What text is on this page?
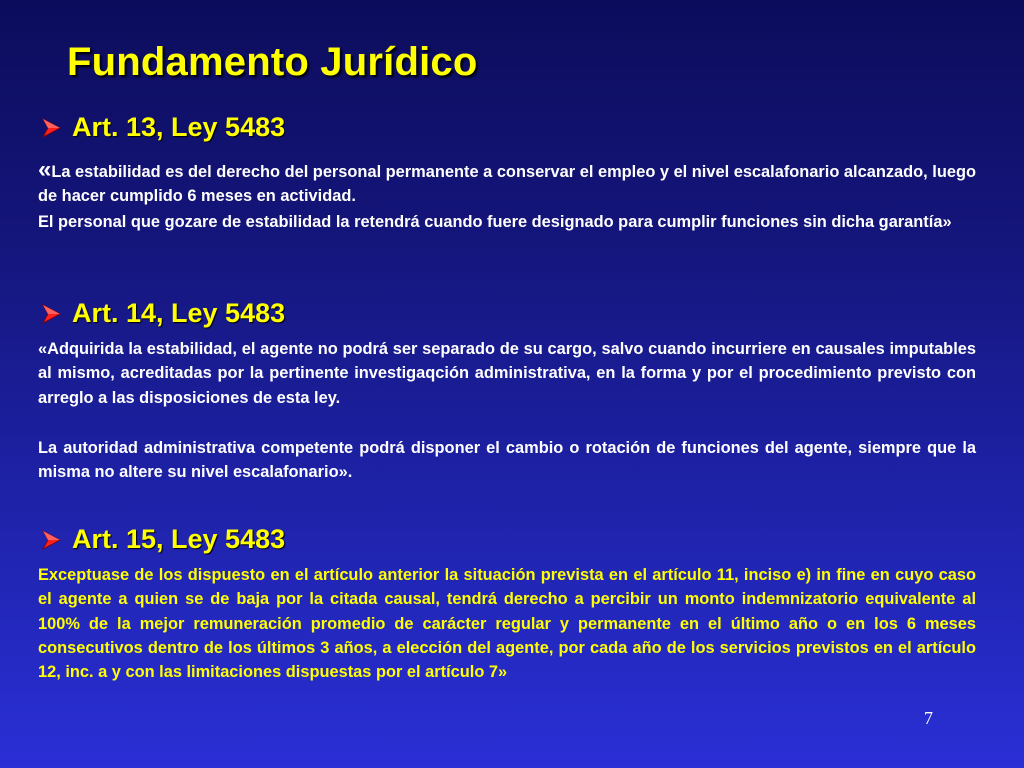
Fundamento Jurídico
Art. 13, Ley 5483

«La estabilidad es del derecho del personal permanente a conservar el empleo y el nivel escalafonario alcanzado, luego de hacer cumplido 6 meses en actividad.

El personal que gozare de estabilidad la retendrá cuando fuere designado para cumplir funciones sin dicha garantía»

Art. 14, Ley 5483

«Adquirida la estabilidad, el agente no podrá ser separado de su cargo, salvo cuando incurriere en causales imputables al mismo, acreditadas por la pertinente investigaqción administrativa, en la forma y por el procedimiento previsto con arreglo a las disposiciones de esta ley.

La autoridad administrativa competente podrá disponer el cambio o rotación de funciones del agente, siempre que la misma no altere su nivel escalafonario».

Art. 15, Ley 5483

Exceptuase de los dispuesto en el artículo anterior la situación prevista en el artículo 11, inciso e) in fine en cuyo caso el agente a quien se de baja por la citada causal, tendrá derecho a percibir un monto indemnizatorio equivalente al 100% de la mejor remuneración promedio de carácter regular y permanente en el último año o en los 6 meses consecutivos dentro de los últimos 3 años, a elección del agente, por cada año de los servicios previstos en el artículo 12, inc. a y con las limitaciones dispuestas por el artículo 7»

7
